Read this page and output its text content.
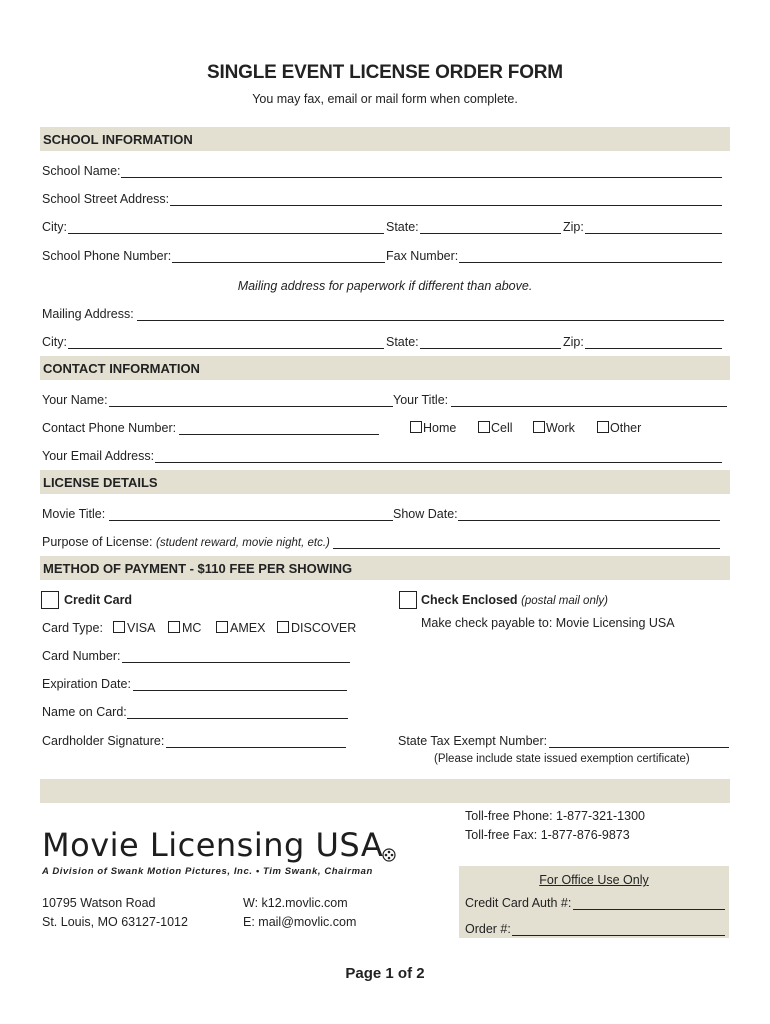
SINGLE EVENT LICENSE ORDER FORM
You may fax, email or mail form when complete.
SCHOOL INFORMATION
School Name:
School Street Address:
City:	State:	Zip:
School Phone Number:	Fax Number:
Mailing address for paperwork if different than above.
Mailing Address:
City:	State:	Zip:
CONTACT INFORMATION
Your Name:	Your Title:
Contact Phone Number:	Home	Cell	Work	Other
Your Email Address:
LICENSE DETAILS
Movie Title:	Show Date:
Purpose of License: (student reward, movie night, etc.)
METHOD OF PAYMENT - $110 FEE PER SHOWING
Credit Card	Check Enclosed (postal mail only)
Card Type: VISA MC AMEX DISCOVER	Make check payable to: Movie Licensing USA
Card Number:
Expiration Date:
Name on Card:
Cardholder Signature:	State Tax Exempt Number:
(Please include state issued exemption certificate)
Toll-free Phone: 1-877-321-1300
Toll-free Fax: 1-877-876-9873
Movie Licensing USA
A Division of Swank Motion Pictures, Inc. • Tim Swank, Chairman
10795 Watson Road
St. Louis, MO 63127-1012
W: k12.movlic.com
E: mail@movlic.com
For Office Use Only
Credit Card Auth #:
Order #:
Page 1 of 2
